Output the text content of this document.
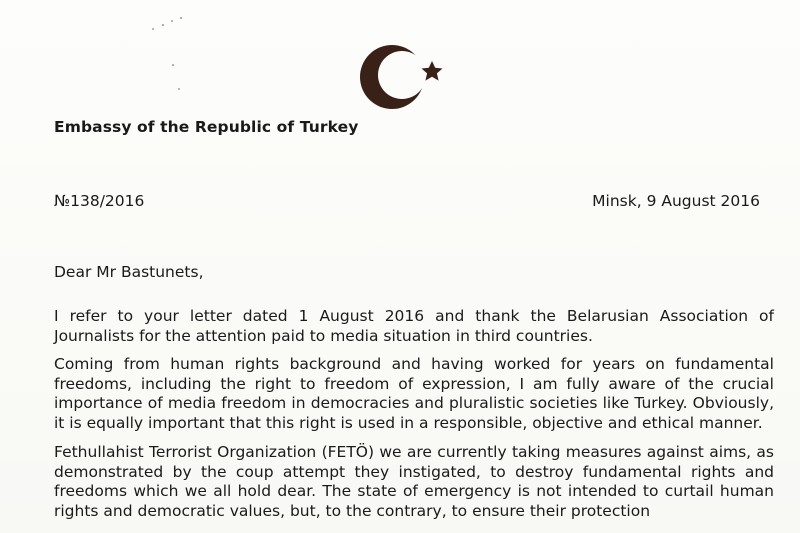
Embassy of the Republic of Turkey
№138/2016	Minsk, 9 August 2016
Dear Mr Bastunets,
I refer to your letter dated 1 August 2016 and thank the Belarusian Association of Journalists for the attention paid to media situation in third countries.
Coming from human rights background and having worked for years on fundamental freedoms, including the right to freedom of expression, I am fully aware of the crucial importance of media freedom in democracies and pluralistic societies like Turkey. Obviously, it is equally important that this right is used in a responsible, objective and ethical manner.
Fethullahist Terrorist Organization (FETÖ) we are currently taking measures against aims, as demonstrated by the coup attempt they instigated, to destroy fundamental rights and freedoms which we all hold dear. The state of emergency is not intended to curtail human rights and democratic values, but, to the contrary, to ensure their protection
